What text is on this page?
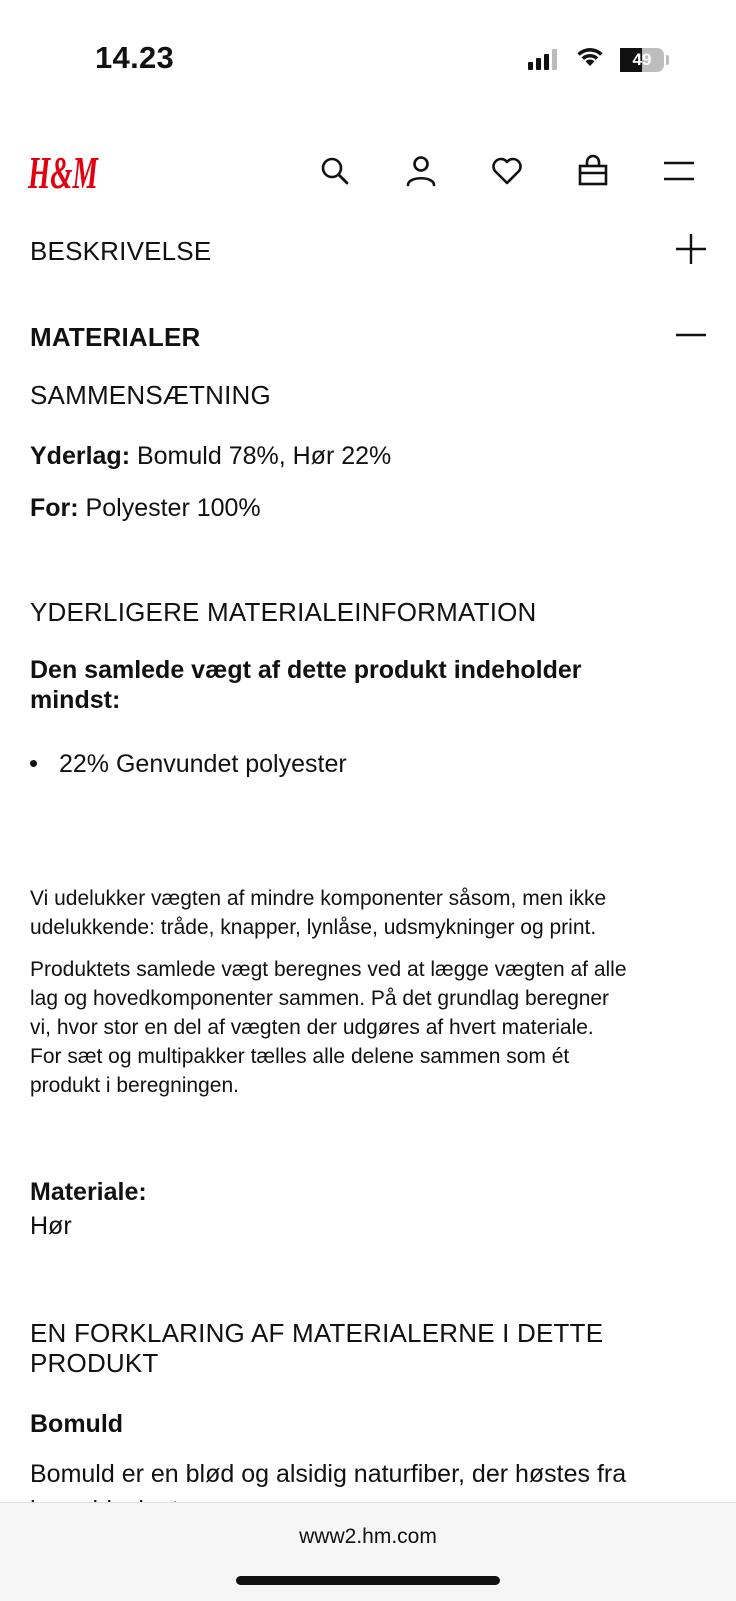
14.23	49
H&M
BESKRIVELSE
MATERIALER
SAMMENSÆTNING
Yderlag: Bomuld 78%, Hør 22%
For: Polyester 100%
YDERLIGERE MATERIALEINFORMATION
Den samlede vægt af dette produkt indeholder
mindst:
22% Genvundet polyester
Vi udelukker vægten af mindre komponenter såsom, men ikke
udelukkende: tråde, knapper, lynlåse, udsmykninger og print.
Produktets samlede vægt beregnes ved at lægge vægten af alle
lag og hovedkomponenter sammen. På det grundlag beregner
vi, hvor stor en del af vægten der udgøres af hvert materiale.
For sæt og multipakker tælles alle delene sammen som ét
produkt i beregningen.
Materiale:
Hør
EN FORKLARING AF MATERIALERNE I DETTE
PRODUKT
Bomuld
Bomuld er en blød og alsidig naturfiber, der høstes fra
www2.hm.com
